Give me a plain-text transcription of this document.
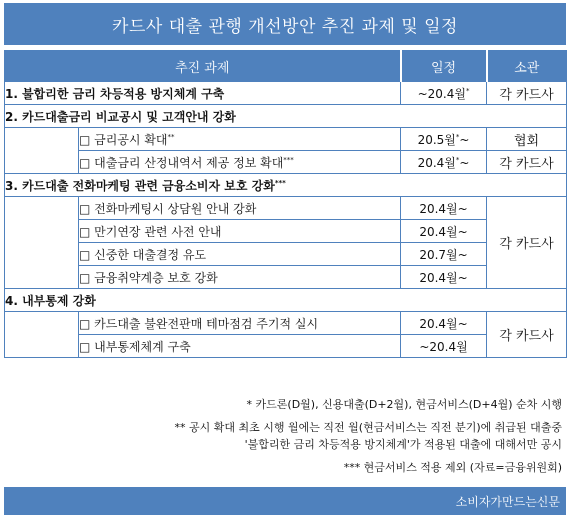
카드사 대출 관행 개선방안 추진 과제 및 일정
추진 과제		일정	소관
1. 불합리한 금리 차등적용 방지체계 구축		~20.4월*	각 카드사
2. 카드대출금리 비교공시 및 고객안내 강화			
	□ 금리공시 확대**	20.5월*~	협회
	□ 대출금리 산정내역서 제공 정보 확대***	20.4월*~	각 카드사
3. 카드대출 전화마케팅 관련 금융소비자 보호 강화***
	□ 전화마케팅시 상담원 안내 강화	20.4월~	각 카드사
	□ 만기연장 관련 사전 안내	20.4월~	
	□ 신중한 대출결정 유도	20.7월~	
	□ 금융취약계층 보호 강화	20.4월~	
4. 내부통제 강화			
	□ 카드대출 불완전판매 테마점검 주기적 실시	20.4월~	각 카드사
	□ 내부통제체계 구축	~20.4월	
* 카드론(D월), 신용대출(D+2월), 현금서비스(D+4월) 순차 시행
** 공시 확대 최초 시행 월에는 직전 월(현금서비스는 직전 분기)에 취급된 대출중
'불합리한 금리 차등적용 방지체계'가 적용된 대출에 대해서만 공시
*** 현금서비스 적용 제외 (자료=금융위원회)
소비자가만드는신문
